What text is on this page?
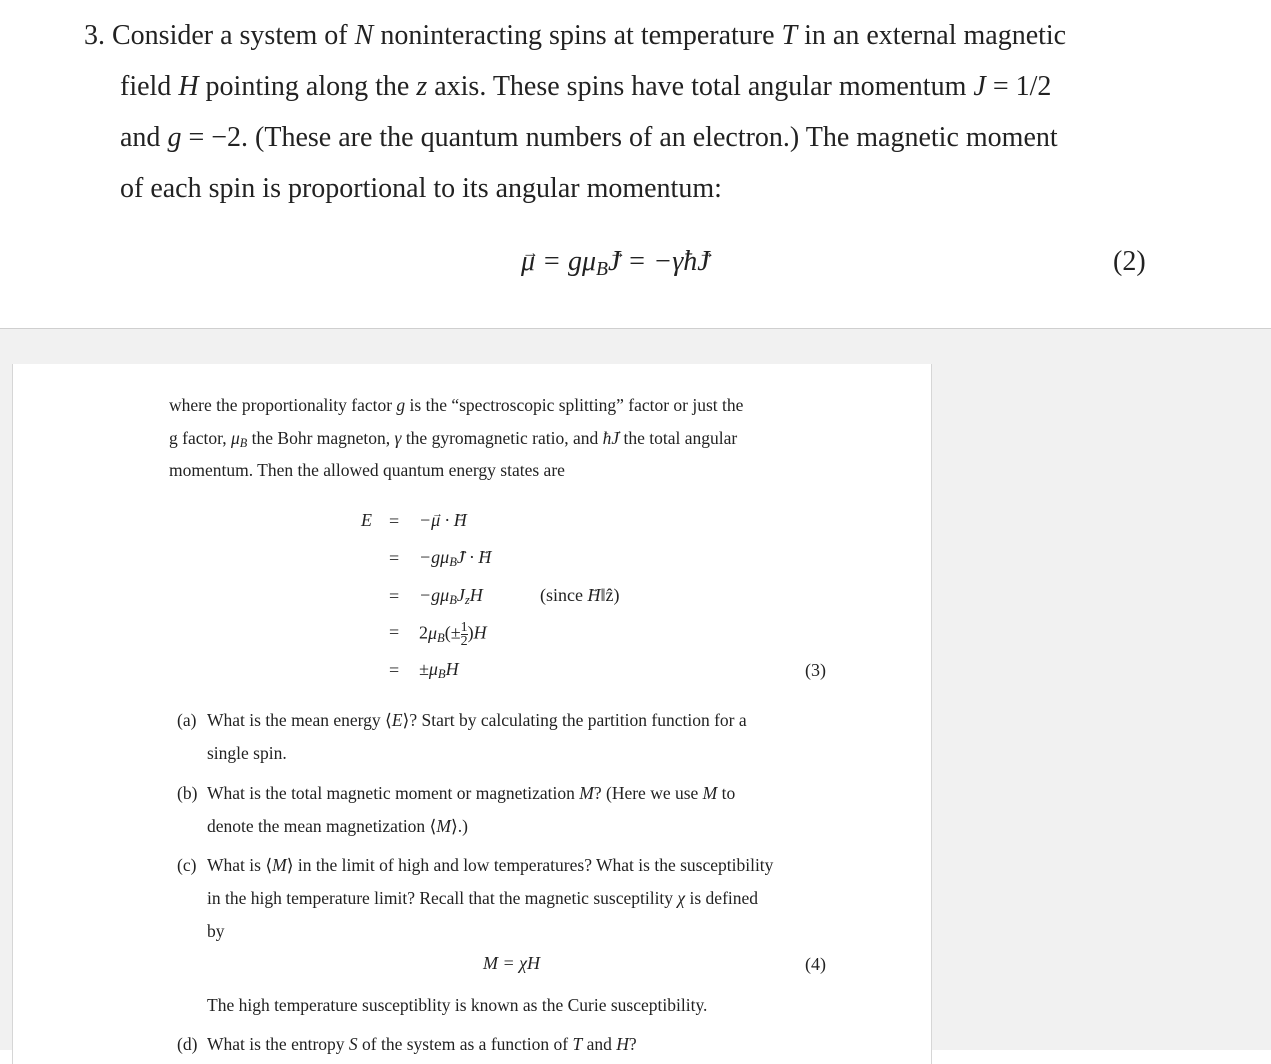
3. Consider a system of N noninteracting spins at temperature T in an external magnetic
field H pointing along the z axis. These spins have total angular momentum J = 1/2
and g = −2. (These are the quantum numbers of an electron.) The magnetic moment
of each spin is proportional to its angular momentum:
μ → = $g\mu_BJ$ → = −γħJ →	(2)
where the proportionality factor g is the “spectroscopic splitting” factor or just the
g factor, $\mu_B$ the Bohr magneton, γ the gyromagnetic ratio, and ħJ → the total angular
momentum. Then the allowed quantum energy states are
E = −μ → · H →
= $-g\mu_BJ$ → · H →
= $-g\mu_BJ_zH$	(since H →‖ẑ)
= $2\mu_B(\pm \frac{1}{2} )H$
= $\pm\mu_BH$	(3)
(a) What is the mean energy ⟨E⟩? Start by calculating the partition function for a
single spin.
(b) What is the total magnetic moment or magnetization M? (Here we use M to
denote the mean magnetization ⟨M⟩.)
(c) What is ⟨M⟩ in the limit of high and low temperatures? What is the susceptibility
in the high temperature limit? Recall that the magnetic susceptility χ is defined
by
M = χH	(4)
The high temperature susceptiblity is known as the Curie susceptibility.
(d) What is the entropy S of the system as a function of T and H?
